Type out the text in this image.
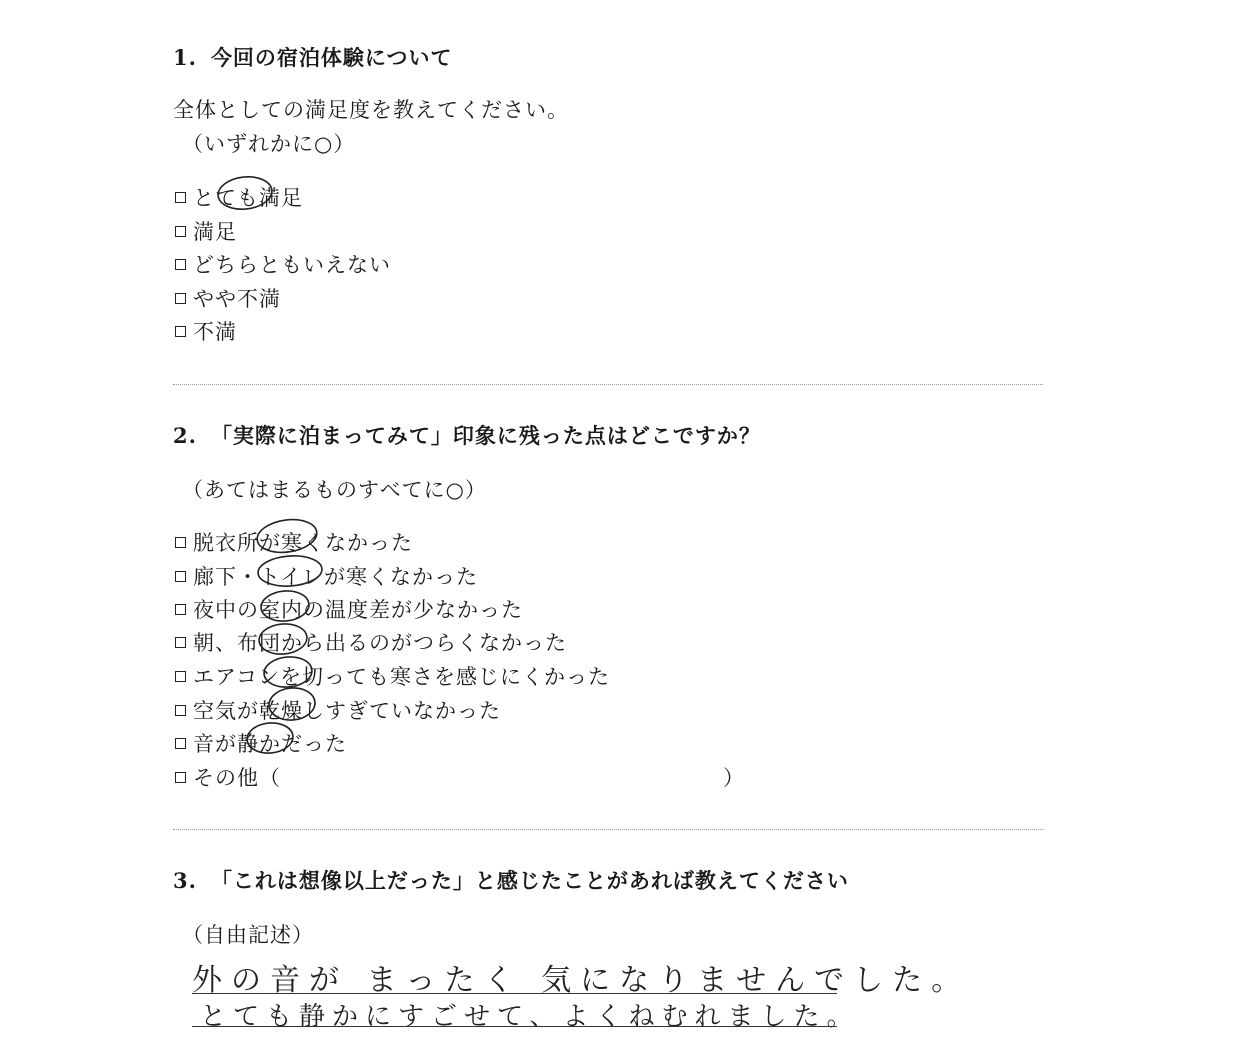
1. 今回の宿泊体験について
全体としての満足度を教えてください。
（いずれかに○）
とても満足
満足
どちらともいえない
やや不満
不満
2. 「実際に泊まってみて」印象に残った点はどこですか？
（あてはまるものすべてに○）
脱衣所が寒くなかった
廊下・トイレが寒くなかった
夜中の室内の温度差が少なかった
朝、布団から出るのがつらくなかった
エアコンを切っても寒さを感じにくかった
空気が乾燥しすぎていなかった
音が静かだった
その他（	）
3. 「これは想像以上だった」と感じたことがあれば教えてください
（自由記述）
外の音が まったく 気になりませんでした。
とても静かにすごせて、よくねむれました。
